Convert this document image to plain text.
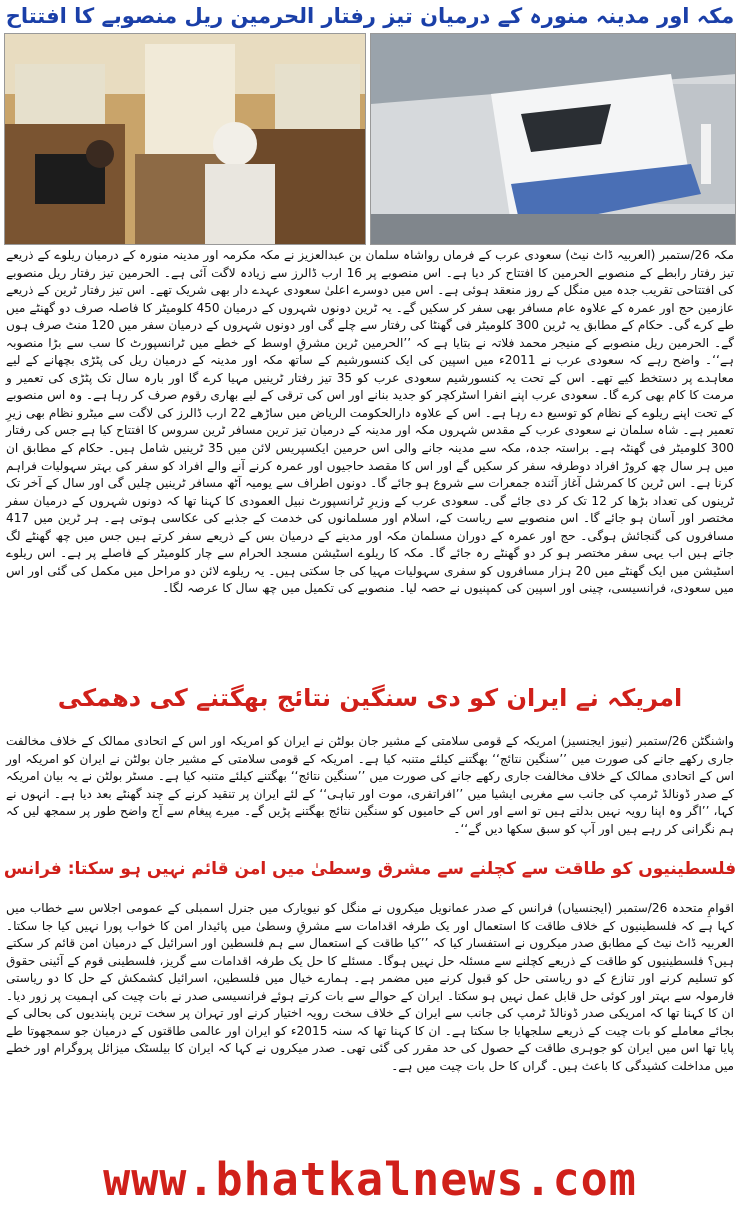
مکہ اور مدینہ منورہ کے درمیان تیز رفتار الحرمین ریل منصوبے کا افتتاح
مکہ 26/ستمبر (العربیہ ڈاٹ نیٹ) سعودی عرب کے فرماں رواشاہ سلمان بن عبدالعزیز نے مکہ مکرمہ اور مدینہ منورہ کے درمیان ریلوے کے ذریعے تیز رفتار رابطے کے منصوبے الحرمین کا افتتاح کر دیا ہے۔ اس منصوبے پر 16 ارب ڈالرز سے زیادہ لاگت آئی ہے۔ الحرمین تیز رفتار ریل منصوبے کی افتتاحی تقریب جدہ میں منگل کے روز منعقد ہوئی ہے۔ اس میں دوسرے اعلیٰ سعودی عہدے دار بھی شریک تھے۔ اس تیز رفتار ٹرین کے ذریعے عازمین حج اور عمرہ کے علاوہ عام مسافر بھی سفر کر سکیں گے۔ یہ ٹرین دونوں شہروں کے درمیان 450 کلومیٹر کا فاصلہ صرف دو گھنٹے میں طے کرے گی۔ حکام کے مطابق یہ ٹرین 300 کلومیٹر فی گھنٹا کی رفتار سے چلے گی اور دونوں شہروں کے درمیان سفر میں 120 منٹ صرف ہوں گے۔ الحرمین ریل منصوبے کے منیجر محمد فلاتہ نے بتایا ہے کہ ’’الحرمین ٹرین مشرقِ اوسط کے خطے میں ٹرانسپورٹ کا سب سے بڑا منصوبہ ہے‘‘۔ واضح رہے کہ سعودی عرب نے 2011ء میں اسپین کی ایک کنسورشیم کے ساتھ مکہ اور مدینہ کے درمیان ریل کی پٹڑی بچھانے کے لیے معاہدے پر دستخط کیے تھے۔ اس کے تحت یہ کنسورشیم سعودی عرب کو 35 تیز رفتار ٹرینیں مہیا کرے گا اور بارہ سال تک پٹڑی کی تعمیر و مرمت کا کام بھی کرے گا۔ سعودی عرب اپنے انفرا اسٹرکچر کو جدید بنانے اور اس کی ترقی کے لیے بھاری رقوم صرف کر رہا ہے۔ وہ اس منصوبے کے تحت اپنے ریلوے کے نظام کو توسیع دے رہا ہے۔ اس کے علاوہ دارالحکومت الریاض میں ساڑھے 22 ارب ڈالرز کی لاگت سے میٹرو نظام بھی زیرِ تعمیر ہے۔ شاہ سلمان نے سعودی عرب کے مقدس شہروں مکہ اور مدینہ کے درمیان تیز ترین مسافر ٹرین سروس کا افتتاح کیا ہے جس کی رفتار 300 کلومیٹر فی گھنٹہ ہے۔ براستہ جدہ، مکہ سے مدینہ جانے والی اس حرمین ایکسپریس لائن میں 35 ٹرینیں شامل ہیں۔ حکام کے مطابق ان میں ہر سال چھ کروڑ افراد دوطرفہ سفر کر سکیں گے اور اس کا مقصد حاجیوں اور عمرہ کرنے آنے والے افراد کو سفر کی بہتر سہولیات فراہم کرنا ہے۔ اس ٹرین کا کمرشل آغاز آئندہ جمعرات سے شروع ہو جائے گا۔ دونوں اطراف سے یومیہ آٹھ مسافر ٹرینیں چلیں گی اور سال کے آخر تک ٹرینوں کی تعداد بڑھا کر 12 تک کر دی جائے گی۔ سعودی عرب کے وزیرِ ٹرانسپورٹ نبیل العمودی کا کہنا تھا کہ دونوں شہروں کے درمیان سفر مختصر اور آسان ہو جائے گا۔ اس منصوبے سے ریاست کے، اسلام اور مسلمانوں کی خدمت کے جذبے کی عکاسی ہوتی ہے۔ ہر ٹرین میں 417 مسافروں کی گنجائش ہوگی۔ حج اور عمرہ کے دوران مسلمان مکہ اور مدینے کے درمیان بس کے ذریعے سفر کرتے ہیں جس میں چھ گھنٹے لگ جاتے ہیں اب یہی سفر مختصر ہو کر دو گھنٹے رہ جائے گا۔ مکہ کا ریلوے اسٹیشن مسجد الحرام سے چار کلومیٹر کے فاصلے پر ہے۔ اس ریلوے اسٹیشن میں ایک گھنٹے میں 20 ہزار مسافروں کو سفری سہولیات مہیا کی جا سکتی ہیں۔ یہ ریلوے لائن دو مراحل میں مکمل کی گئی اور اس میں سعودی، فرانسیسی، چینی اور اسپین کی کمپنیوں نے حصہ لیا۔ منصوبے کی تکمیل میں چھ سال کا عرصہ لگا۔
امریکہ نے ایران کو دی سنگین نتائج بھگتنے کی دھمکی
واشنگٹن 26/ستمبر (نیوز ایجنسیز) امریکہ کے قومی سلامتی کے مشیر جان بولٹن نے ایران کو امریکہ اور اس کے اتحادی ممالک کے خلاف مخالفت جاری رکھے جانے کی صورت میں ’’سنگین نتائج‘‘ بھگتنے کیلئے متنبہ کیا ہے۔ امریکہ کے قومی سلامتی کے مشیر جان بولٹن نے ایران کو امریکہ اور اس کے اتحادی ممالک کے خلاف مخالفت جاری رکھے جانے کی صورت میں ’’سنگین نتائج‘‘ بھگتنے کیلئے متنبہ کیا ہے۔ مسٹر بولٹن نے یہ بیان امریکہ کے صدر ڈونالڈ ٹرمپ کی جانب سے مغربی ایشیا میں ’’افراتفری، موت اور تباہی‘‘ کے لئے ایران پر تنقید کرنے کے چند گھنٹے بعد دیا ہے۔ انہوں نے کہا، ’’اگر وہ اپنا رویہ نہیں بدلتے ہیں تو اسے اور اس کے حامیوں کو سنگین نتائج بھگتنے پڑیں گے۔ میرے پیغام سے آج واضح طور پر سمجھ لیں کہ ہم نگرانی کر رہے ہیں اور آپ کو سبق سکھا دیں گے‘‘۔
فلسطینیوں کو طاقت سے کچلنے سے مشرق وسطیٰ میں امن قائم نہیں ہو سکتا: فرانس
اقوامِ متحدہ 26/ستمبر (ایجنسیاں) فرانس کے صدر عمانویل میکروں نے منگل کو نیویارک میں جنرل اسمبلی کے عمومی اجلاس سے خطاب میں کہا ہے کہ فلسطینیوں کے خلاف طاقت کا استعمال اور یک طرفہ اقدامات سے مشرقِ وسطیٰ میں پائیدار امن کا خواب پورا نہیں کیا جا سکتا۔ العربیہ ڈاٹ نیٹ کے مطابق صدر میکروں نے استفسار کیا کہ ’’کیا طاقت کے استعمال سے ہم فلسطین اور اسرائیل کے درمیان امن قائم کر سکتے ہیں؟ فلسطینیوں کو طاقت کے ذریعے کچلنے سے مسئلہ حل نہیں ہوگا۔ مسئلے کا حل یک طرفہ اقدامات سے گریز، فلسطینی قوم کے آئینی حقوق کو تسلیم کرنے اور تنازع کے دو ریاستی حل کو قبول کرنے میں مضمر ہے۔ ہمارے خیال میں فلسطین، اسرائیل کشمکش کے حل کا دو ریاستی فارمولہ سے بہتر اور کوئی حل قابل عمل نہیں ہو سکتا۔ ایران کے حوالے سے بات کرتے ہوئے فرانسیسی صدر نے بات چیت کی اہمیت پر زور دیا۔ ان کا کہنا تھا کہ امریکی صدر ڈونالڈ ٹرمپ کی جانب سے ایران کے خلاف سخت رویہ اختیار کرنے اور تہران پر سخت ترین پابندیوں کی بحالی کے بجائے معاملے کو بات چیت کے ذریعے سلجھایا جا سکتا ہے۔ ان کا کہنا تھا کہ سنہ 2015ء کو ایران اور عالمی طاقتوں کے درمیان جو سمجھوتا طے پایا تھا اس میں ایران کو جوہری طاقت کے حصول کی حد مقرر کی گئی تھی۔ صدر میکروں نے کہا کہ ایران کا بیلسٹک میزائل پروگرام اور خطے میں مداخلت کشیدگی کا باعث ہیں۔ گراں کا حل بات چیت میں ہے۔
www.bhatkalnews.com
